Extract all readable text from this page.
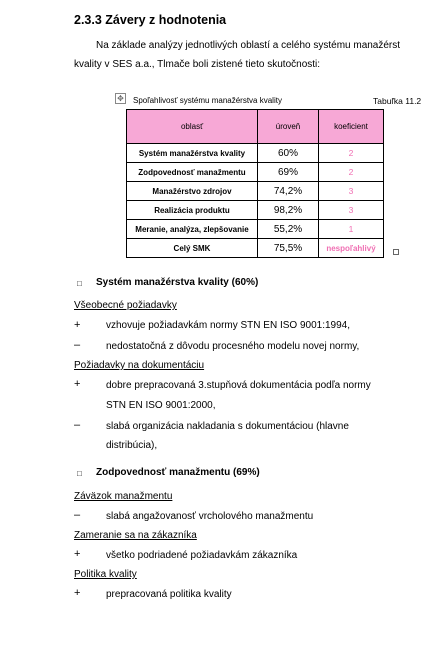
2.3.3 Závery z hodnotenia
Na základe analýzy jednotlivých oblastí a celého systému manažérst
kvality v SES a.a., Tlmače boli zistené tieto skutočnosti:
✥ Spoľahlivosť systému manažérstva kvality	Tabuľka 11.2
oblasť	úroveň	koeficient
Systém manažérstva kvality	60%	2
Zodpovednosť manažmentu	69%	2
Manažérstvo zdrojov	74,2%	3
Realizácia produktu	98,2%	3
Meranie, analýza, zlepšovanie	55,2%	1
Celý SMK	75,5%	nespoľahlivý
□ Systém manažérstva kvality (60%)
Všeobecné požiadavky
+	vzhovuje požiadavkám normy STN EN ISO 9001:1994,
–	nedostatočná z dôvodu procesného modelu novej normy,
Požiadavky na dokumentáciu
+	dobre prepracovaná 3.stupňová dokumentácia podľa normy
STN EN ISO 9001:2000,
–	slabá organizácia nakladania s dokumentáciou (hlavne
distribúcia),
□ Zodpovednosť manažmentu (69%)
Záväzok manažmentu
–	slabá angažovanosť vrcholového manažmentu
Zameranie sa na zákazníka
+	všetko podriadené požiadavkám zákazníka
Politika kvality
+	prepracovaná politika kvality
